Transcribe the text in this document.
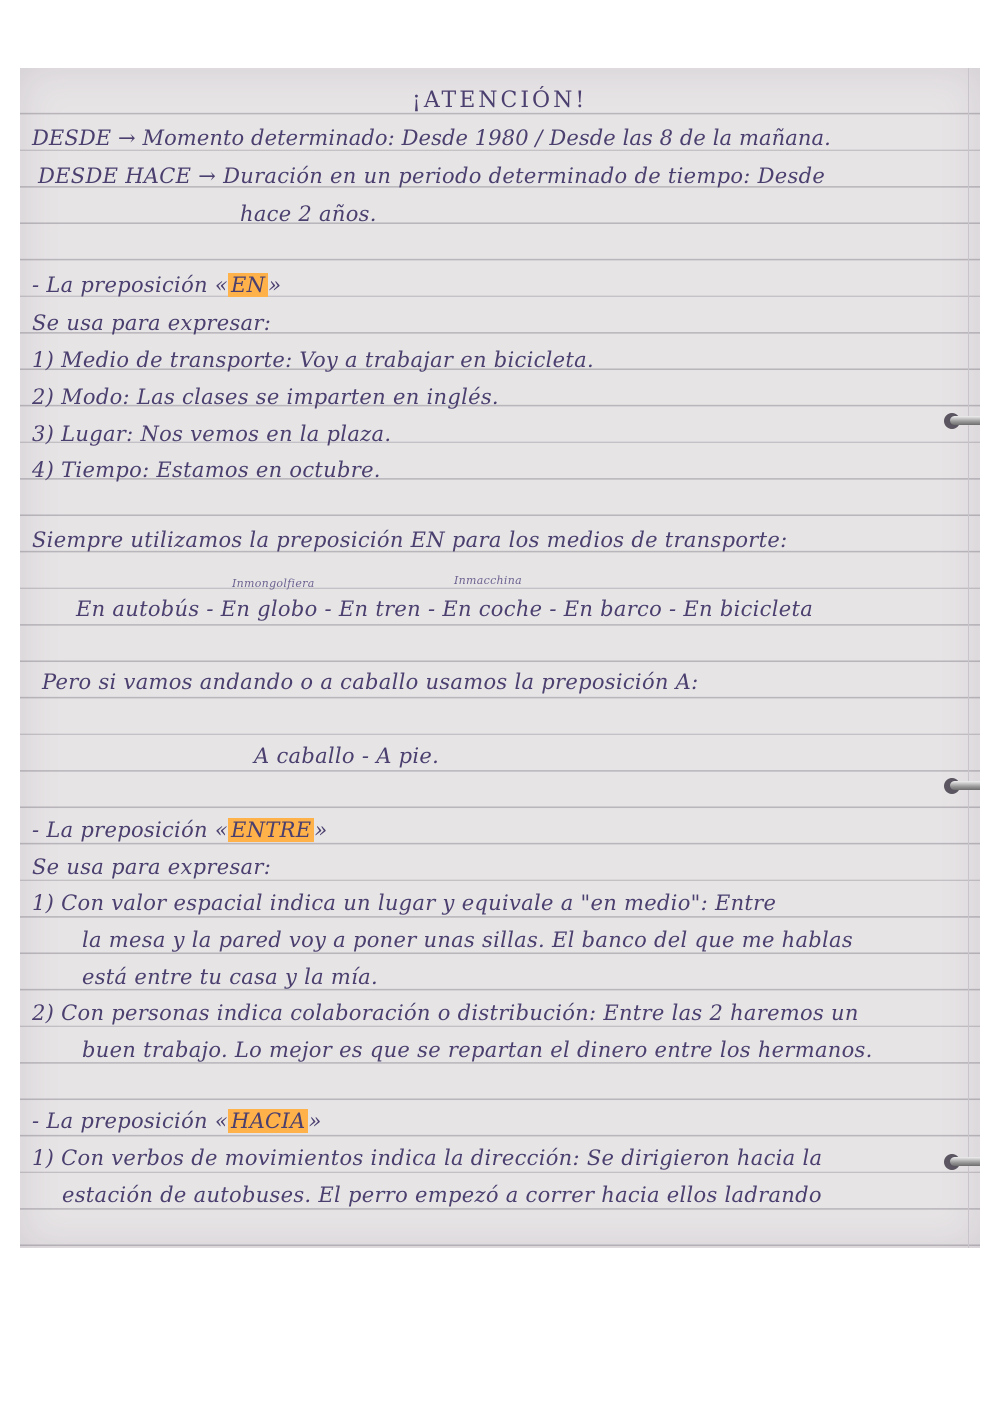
¡ATENCIÓN!

DESDE → Momento determinado: Desde 1980 / Desde las 8 de la mañana.

DESDE HACE → Duración en un periodo determinado de tiempo: Desde

hace 2 años.

- La preposición « EN »

Se usa para expresar:

1) Medio de transporte: Voy a trabajar en bicicleta.

2) Modo: Las clases se imparten en inglés.

3) Lugar: Nos vemos en la plaza.

4) Tiempo: Estamos en octubre.

Siempre utilizamos la preposición EN para los medios de transporte:

Inmongolfiera	Inmacchina

En autobús - En globo - En tren - En coche - En barco - En bicicleta

Pero si vamos andando o a caballo usamos la preposición A:

A caballo - A pie.

- La preposición « ENTRE »

Se usa para expresar:

1) Con valor espacial indica un lugar y equivale a "en medio": Entre

la mesa y la pared voy a poner unas sillas. El banco del que me hablas

está entre tu casa y la mía.

2) Con personas indica colaboración o distribución: Entre las 2 haremos un

buen trabajo. Lo mejor es que se repartan el dinero entre los hermanos.

- La preposición « HACIA »

1) Con verbos de movimientos indica la dirección: Se dirigieron hacia la

estación de autobuses. El perro empezó a correr hacia ellos ladrando
